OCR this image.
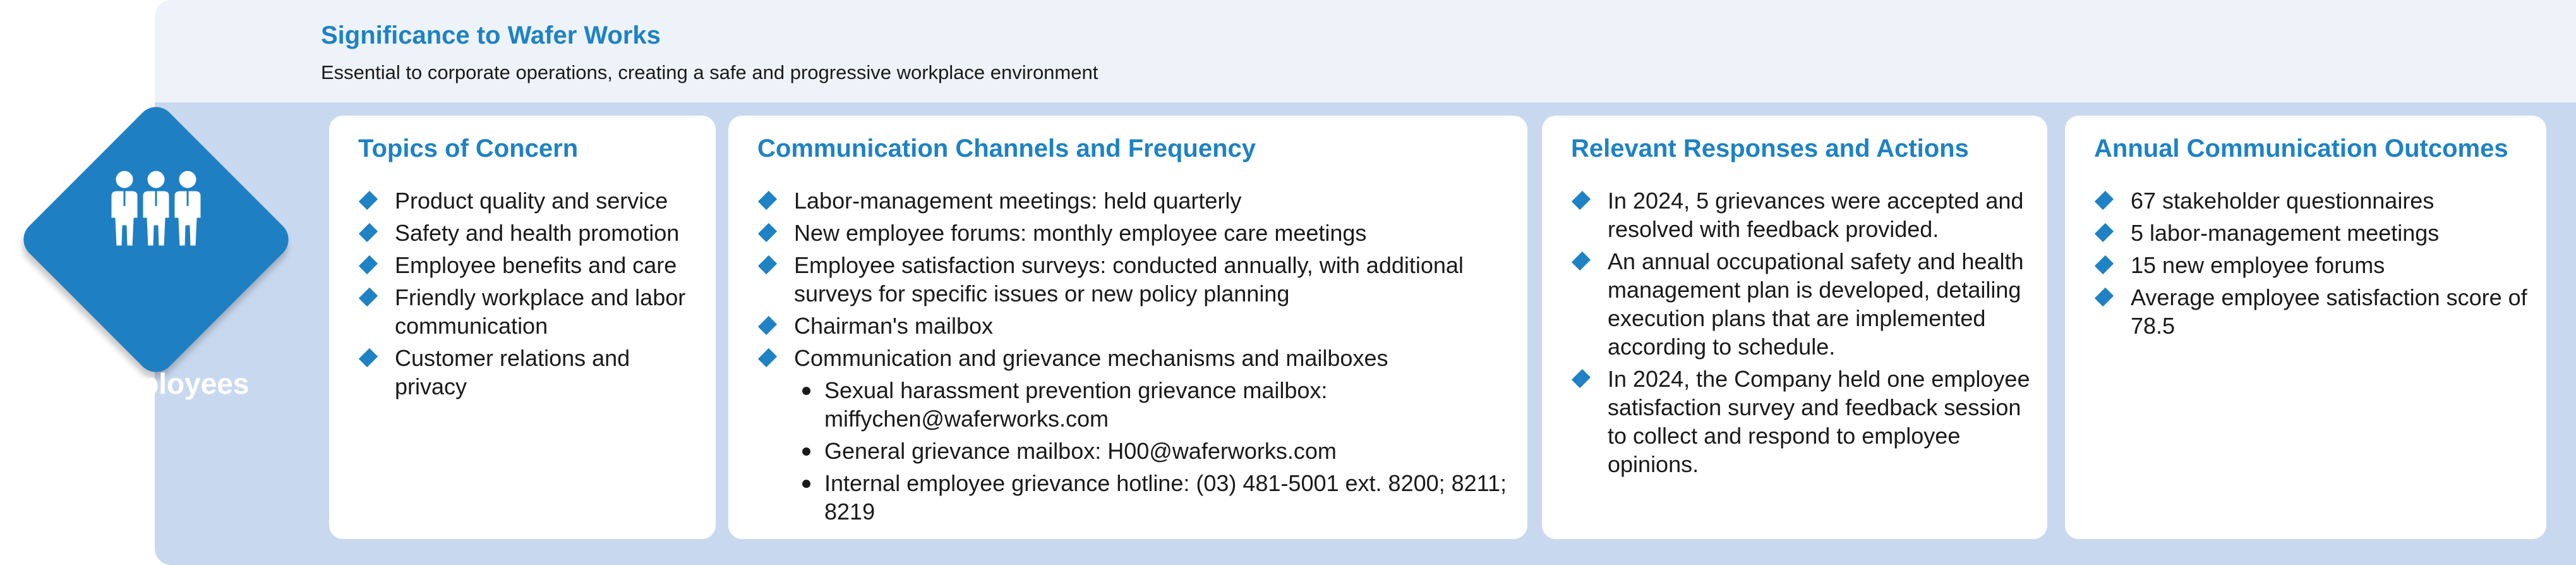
Significance to Wafer Works
Essential to corporate operations, creating a safe and progressive workplace environment
Employees
Topics of Concern
Product quality and service
Safety and health promotion
Employee benefits and care
Friendly workplace and labor communication
Customer relations and privacy
Communication Channels and Frequency
Labor-management meetings: held quarterly
New employee forums: monthly employee care meetings
Employee satisfaction surveys: conducted annually, with additional surveys for specific issues or new policy planning
Chairman's mailbox
Communication and grievance mechanisms and mailboxes
Sexual harassment prevention grievance mailbox: miffychen@waferworks.com
General grievance mailbox: H00@waferworks.com
Internal employee grievance hotline: (03) 481-5001 ext. 8200; 8211; 8219
Relevant Responses and Actions
In 2024, 5 grievances were accepted and resolved with feedback provided.
An annual occupational safety and health management plan is developed, detailing execution plans that are implemented according to schedule.
In 2024, the Company held one employee satisfaction survey and feedback session to collect and respond to employee opinions.
Annual Communication Outcomes
67 stakeholder questionnaires
5 labor-management meetings
15 new employee forums
Average employee satisfaction score of 78.5
